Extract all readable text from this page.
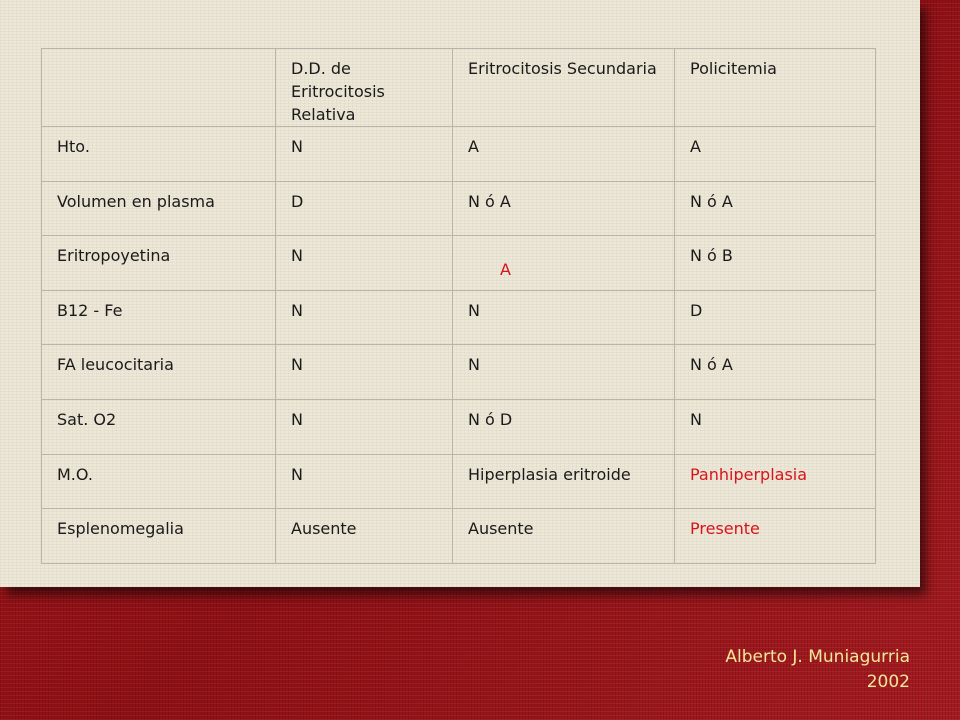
	D.D. de Eritrocitosis Relativa	Eritrocitosis Secundaria	Policitemia
Hto.	N	A	A
Volumen en plasma	D	N ó A	N ó A
Eritropoyetina	N	A	N ó B
B12 - Fe	N	N	D
FA leucocitaria	N	N	N ó A
Sat. O2	N	N ó D	N
M.O.	N	Hiperplasia eritroide	Panhiperplasia
Esplenomegalia	Ausente	Ausente	Presente
Alberto J. Muniagurria
2002
